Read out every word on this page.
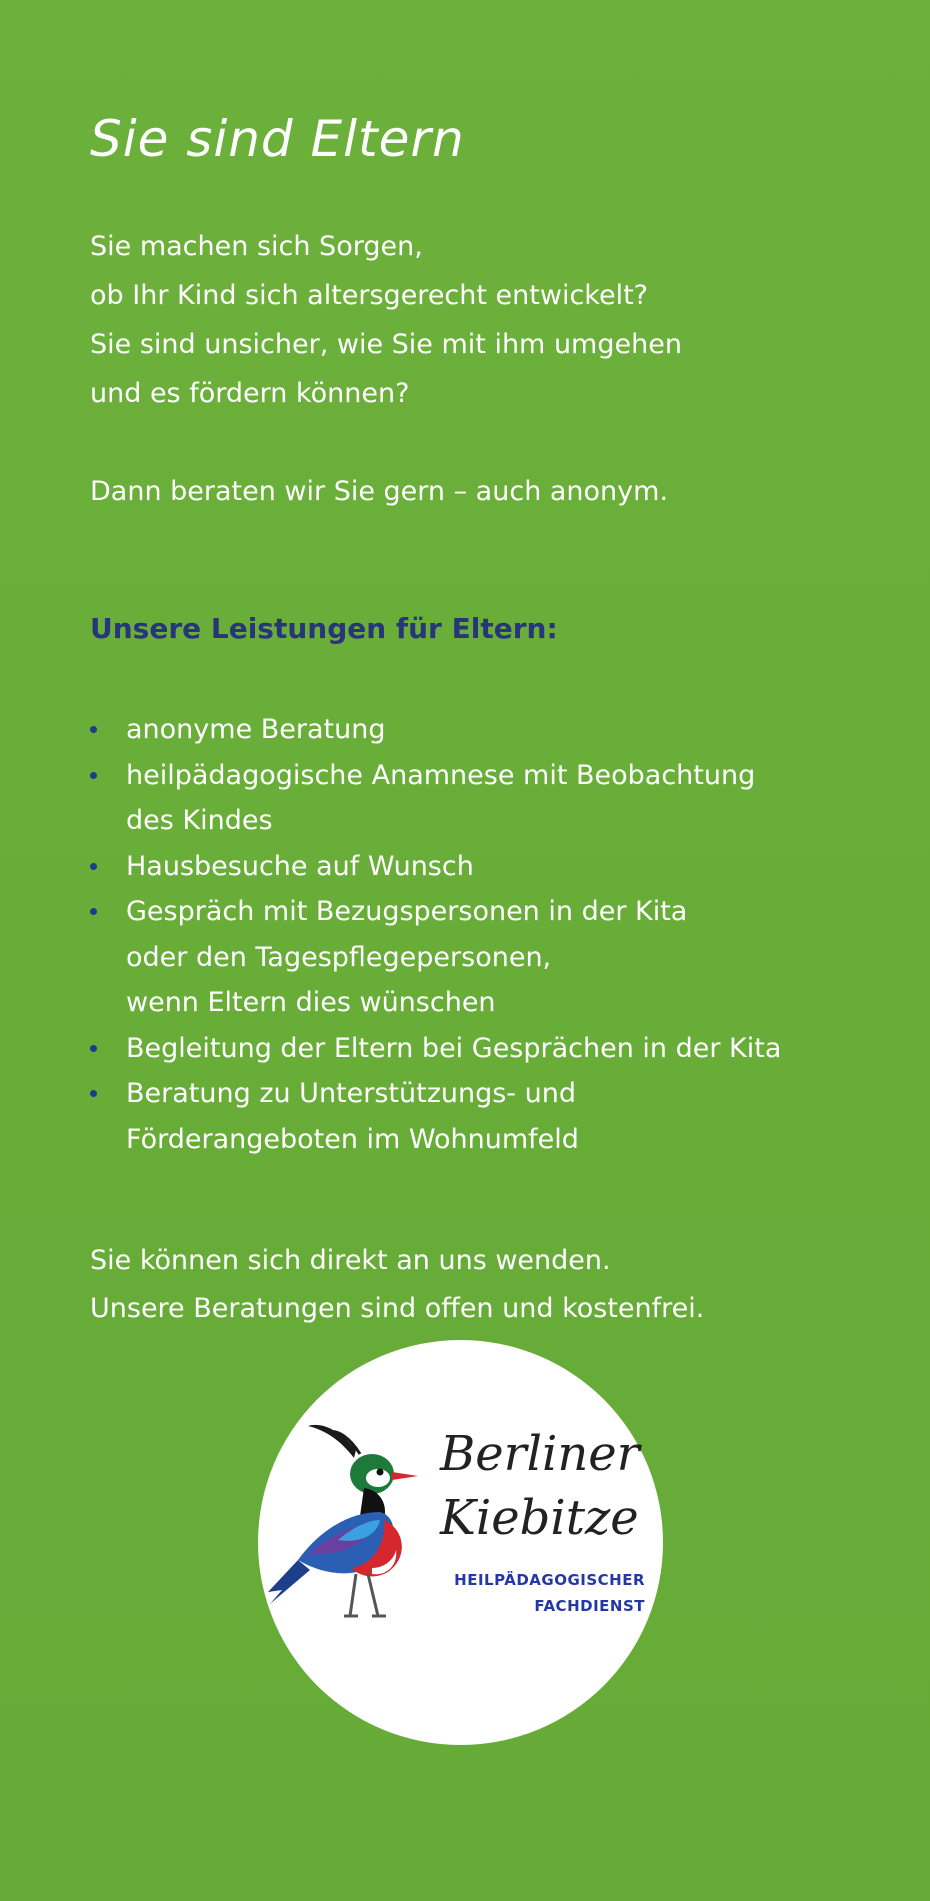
Sie sind Eltern

Sie machen sich Sorgen,

ob Ihr Kind sich altersgerecht entwickelt?

Sie sind unsicher, wie Sie mit ihm umgehen

und es fördern können?

Dann beraten wir Sie gern – auch anonym.

Unsere Leistungen für Eltern:
anonyme Beratung
heilpädagogische Anamnese mit Beobachtung
des Kindes
Hausbesuche auf Wunsch
Gespräch mit Bezugspersonen in der Kita
oder den Tagespflegepersonen,
wenn Eltern dies wünschen
Begleitung der Eltern bei Gesprächen in der Kita
Beratung zu Unterstützungs- und
Förderangeboten im Wohnumfeld

Sie können sich direkt an uns wenden.

Unsere Beratungen sind offen und kostenfrei.

Berliner
Kiebitze
HEILPÄDAGOGISCHER
FACHDIENST
